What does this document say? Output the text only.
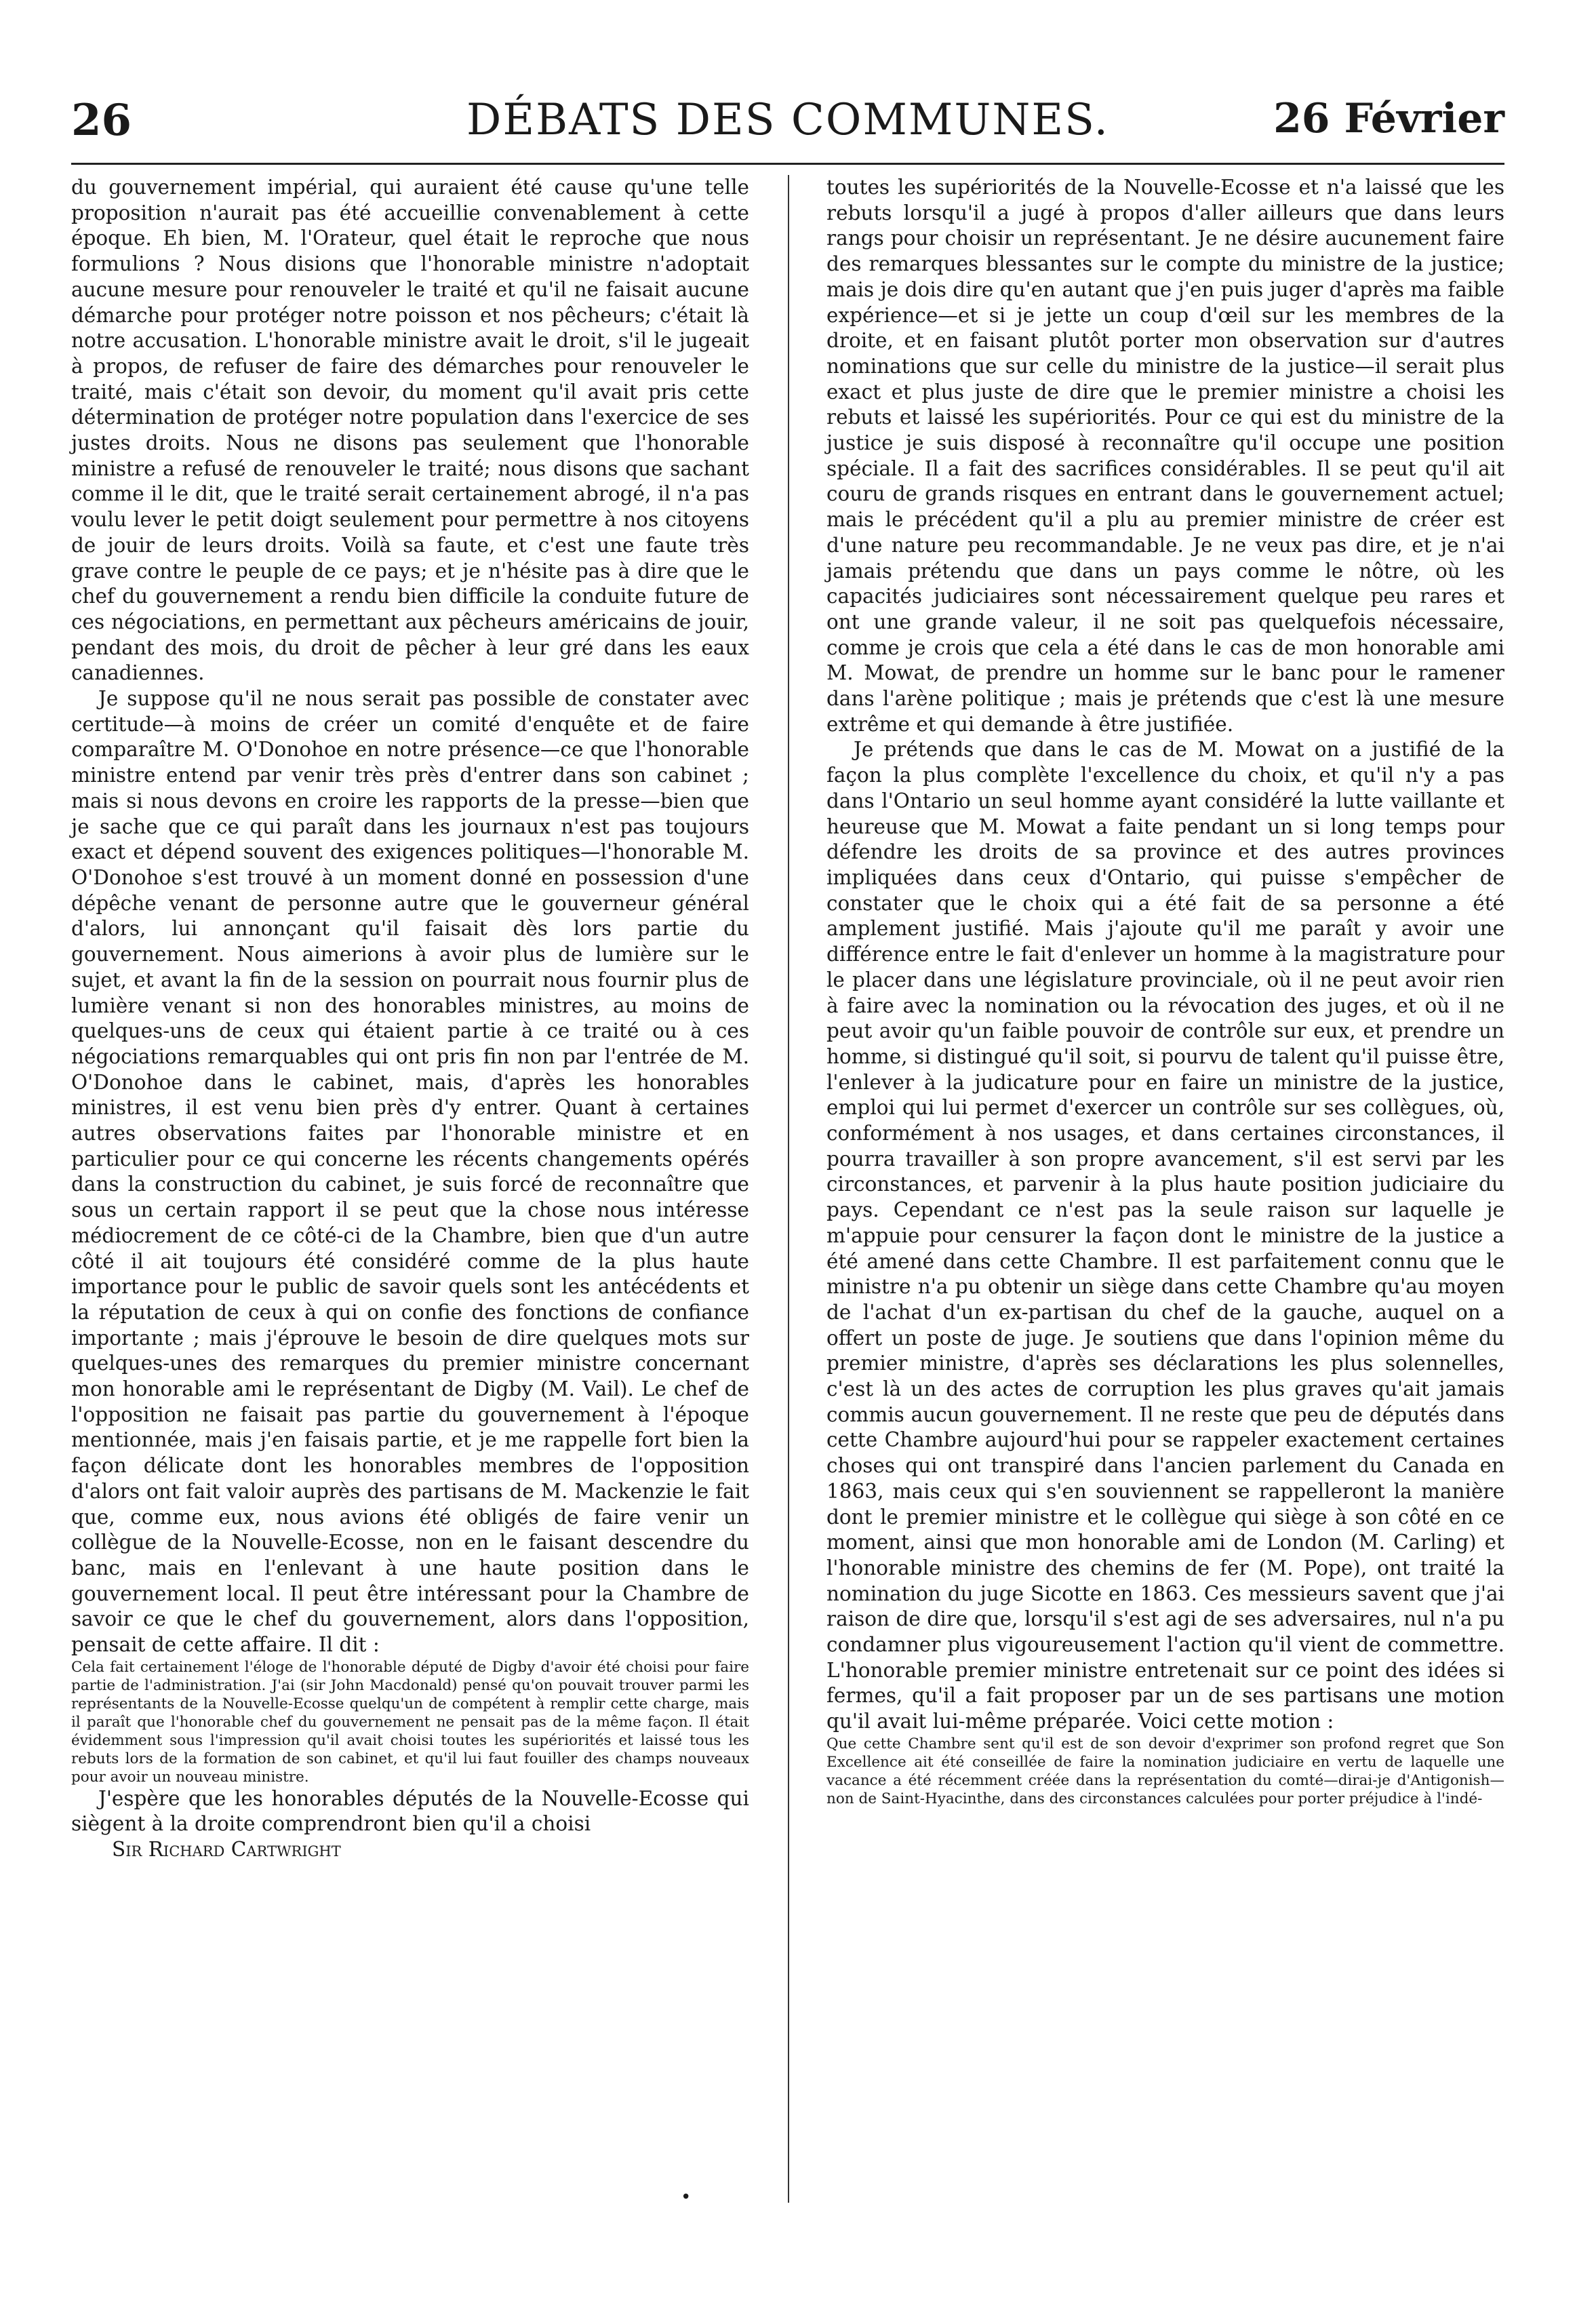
26	DÉBATS DES COMMUNES.	26 Février

du gouvernement impérial, qui auraient été cause qu'une telle proposition n'aurait pas été accueillie convenablement à cette époque. Eh bien, M. l'Orateur, quel était le reproche que nous formulions ? Nous disions que l'honorable ministre n'adoptait aucune mesure pour renouveler le traité et qu'il ne faisait aucune démarche pour protéger notre poisson et nos pêcheurs; c'était là notre accusation. L'honorable ministre avait le droit, s'il le jugeait à propos, de refuser de faire des démarches pour renouveler le traité, mais c'était son devoir, du moment qu'il avait pris cette détermination de protéger notre population dans l'exercice de ses justes droits. Nous ne disons pas seulement que l'honorable ministre a refusé de renouveler le traité; nous disons que sachant comme il le dit, que le traité serait certainement abrogé, il n'a pas voulu lever le petit doigt seulement pour permettre à nos citoyens de jouir de leurs droits. Voilà sa faute, et c'est une faute très grave contre le peuple de ce pays; et je n'hésite pas à dire que le chef du gouvernement a rendu bien difficile la conduite future de ces négociations, en permettant aux pêcheurs américains de jouir, pendant des mois, du droit de pêcher à leur gré dans les eaux canadiennes.

Je suppose qu'il ne nous serait pas possible de constater avec certitude—à moins de créer un comité d'enquête et de faire comparaître M. O'Donohoe en notre présence—ce que l'honorable ministre entend par venir très près d'entrer dans son cabinet ; mais si nous devons en croire les rapports de la presse—bien que je sache que ce qui paraît dans les journaux n'est pas toujours exact et dépend souvent des exigences politiques—l'honorable M. O'Donohoe s'est trouvé à un moment donné en possession d'une dépêche venant de personne autre que le gouverneur général d'alors, lui annonçant qu'il faisait dès lors partie du gouvernement. Nous aimerions à avoir plus de lumière sur le sujet, et avant la fin de la session on pourrait nous fournir plus de lumière venant si non des honorables ministres, au moins de quelques-uns de ceux qui étaient partie à ce traité ou à ces négociations remarquables qui ont pris fin non par l'entrée de M. O'Donohoe dans le cabinet, mais, d'après les honorables ministres, il est venu bien près d'y entrer. Quant à certaines autres observations faites par l'honorable ministre et en particulier pour ce qui concerne les récents changements opérés dans la construction du cabinet, je suis forcé de reconnaître que sous un certain rapport il se peut que la chose nous intéresse médiocrement de ce côté-ci de la Chambre, bien que d'un autre côté il ait toujours été considéré comme de la plus haute importance pour le public de savoir quels sont les antécédents et la réputation de ceux à qui on confie des fonctions de confiance importante ; mais j'éprouve le besoin de dire quelques mots sur quelques-unes des remarques du premier ministre concernant mon honorable ami le représentant de Digby (M. Vail). Le chef de l'opposition ne faisait pas partie du gouvernement à l'époque mentionnée, mais j'en faisais partie, et je me rappelle fort bien la façon délicate dont les honorables membres de l'opposition d'alors ont fait valoir auprès des partisans de M. Mackenzie le fait que, comme eux, nous avions été obligés de faire venir un collègue de la Nouvelle-Ecosse, non en le faisant descendre du banc, mais en l'enlevant à une haute position dans le gouvernement local. Il peut être intéressant pour la Chambre de savoir ce que le chef du gouvernement, alors dans l'opposition, pensait de cette affaire. Il dit :

Cela fait certainement l'éloge de l'honorable député de Digby d'avoir été choisi pour faire partie de l'administration. J'ai (sir John Macdonald) pensé qu'on pouvait trouver parmi les représentants de la Nouvelle-Ecosse quelqu'un de compétent à remplir cette charge, mais il paraît que l'honorable chef du gouvernement ne pensait pas de la même façon. Il était évidemment sous l'impression qu'il avait choisi toutes les supériorités et laissé tous les rebuts lors de la formation de son cabinet, et qu'il lui faut fouiller des champs nouveaux pour avoir un nouveau ministre.

J'espère que les honorables députés de la Nouvelle-Ecosse qui siègent à la droite comprendront bien qu'il a choisi

Sir Richard Cartwright

toutes les supériorités de la Nouvelle-Ecosse et n'a laissé que les rebuts lorsqu'il a jugé à propos d'aller ailleurs que dans leurs rangs pour choisir un représentant. Je ne désire aucunement faire des remarques blessantes sur le compte du ministre de la justice; mais je dois dire qu'en autant que j'en puis juger d'après ma faible expérience—et si je jette un coup d'œil sur les membres de la droite, et en faisant plutôt porter mon observation sur d'autres nominations que sur celle du ministre de la justice—il serait plus exact et plus juste de dire que le premier ministre a choisi les rebuts et laissé les supériorités. Pour ce qui est du ministre de la justice je suis disposé à reconnaître qu'il occupe une position spéciale. Il a fait des sacrifices considérables. Il se peut qu'il ait couru de grands risques en entrant dans le gouvernement actuel; mais le précédent qu'il a plu au premier ministre de créer est d'une nature peu recommandable. Je ne veux pas dire, et je n'ai jamais prétendu que dans un pays comme le nôtre, où les capacités judiciaires sont nécessairement quelque peu rares et ont une grande valeur, il ne soit pas quelquefois nécessaire, comme je crois que cela a été dans le cas de mon honorable ami M. Mowat, de prendre un homme sur le banc pour le ramener dans l'arène politique ; mais je prétends que c'est là une mesure extrême et qui demande à être justifiée.

Je prétends que dans le cas de M. Mowat on a justifié de la façon la plus complète l'excellence du choix, et qu'il n'y a pas dans l'Ontario un seul homme ayant considéré la lutte vaillante et heureuse que M. Mowat a faite pendant un si long temps pour défendre les droits de sa province et des autres provinces impliquées dans ceux d'Ontario, qui puisse s'empêcher de constater que le choix qui a été fait de sa personne a été amplement justifié. Mais j'ajoute qu'il me paraît y avoir une différence entre le fait d'enlever un homme à la magistrature pour le placer dans une législature provinciale, où il ne peut avoir rien à faire avec la nomination ou la révocation des juges, et où il ne peut avoir qu'un faible pouvoir de contrôle sur eux, et prendre un homme, si distingué qu'il soit, si pourvu de talent qu'il puisse être, l'enlever à la judicature pour en faire un ministre de la justice, emploi qui lui permet d'exercer un contrôle sur ses collègues, où, conformément à nos usages, et dans certaines circonstances, il pourra travailler à son propre avancement, s'il est servi par les circonstances, et parvenir à la plus haute position judiciaire du pays. Cependant ce n'est pas la seule raison sur laquelle je m'appuie pour censurer la façon dont le ministre de la justice a été amené dans cette Chambre. Il est parfaitement connu que le ministre n'a pu obtenir un siège dans cette Chambre qu'au moyen de l'achat d'un ex-partisan du chef de la gauche, auquel on a offert un poste de juge. Je soutiens que dans l'opinion même du premier ministre, d'après ses déclarations les plus solennelles, c'est là un des actes de corruption les plus graves qu'ait jamais commis aucun gouvernement. Il ne reste que peu de députés dans cette Chambre aujourd'hui pour se rappeler exactement certaines choses qui ont transpiré dans l'ancien parlement du Canada en 1863, mais ceux qui s'en souviennent se rappelleront la manière dont le premier ministre et le collègue qui siège à son côté en ce moment, ainsi que mon honorable ami de London (M. Carling) et l'honorable ministre des chemins de fer (M. Pope), ont traité la nomination du juge Sicotte en 1863. Ces messieurs savent que j'ai raison de dire que, lorsqu'il s'est agi de ses adversaires, nul n'a pu condamner plus vigoureusement l'action qu'il vient de commettre. L'honorable premier ministre entretenait sur ce point des idées si fermes, qu'il a fait proposer par un de ses partisans une motion qu'il avait lui-même préparée. Voici cette motion :

Que cette Chambre sent qu'il est de son devoir d'exprimer son profond regret que Son Excellence ait été conseillée de faire la nomination judiciaire en vertu de laquelle une vacance a été récemment créée dans la représentation du comté—dirai-je d'Antigonish—non de Saint-Hyacinthe, dans des circonstances calculées pour porter préjudice à l'indé-

•
